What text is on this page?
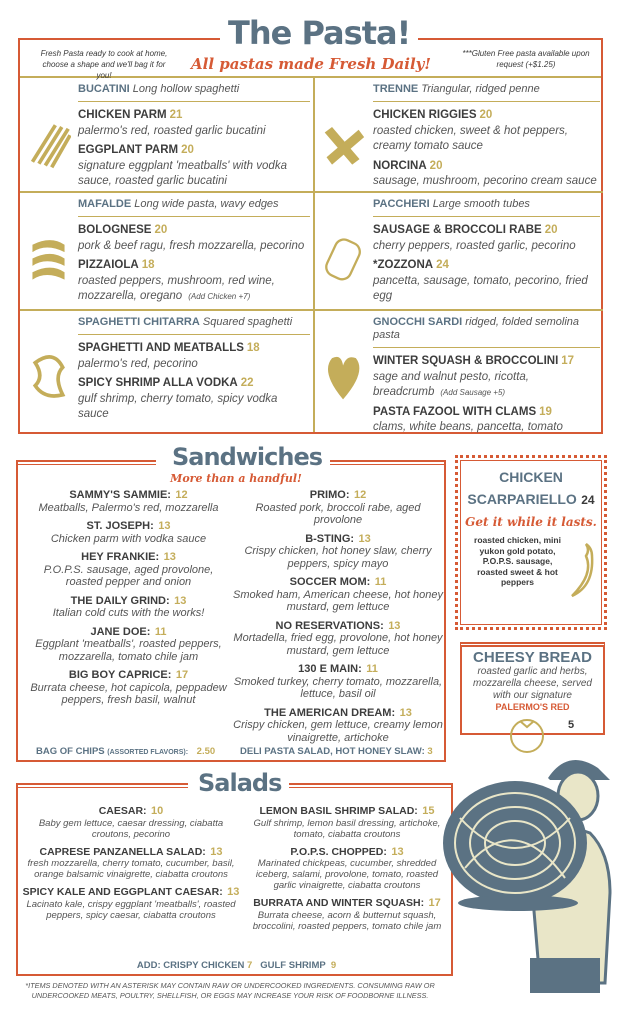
Fresh Pasta ready to cook at home, choose a shape and we'll bag it for you!
All pastas made Fresh Daily!
***Gluten Free pasta available upon request (+$1.25)
BUCATINI Long hollow spaghetti
CHICKEN PARM 21
palermo's red, roasted garlic bucatini
EGGPLANT PARM 20
signature eggplant 'meatballs' with vodka sauce, roasted garlic bucatini
TRENNE Triangular, ridged penne
CHICKEN RIGGIES 20
roasted chicken, sweet & hot peppers, creamy tomato sauce
NORCINA 20
sausage, mushroom, pecorino cream sauce
MAFALDE Long wide pasta, wavy edges
BOLOGNESE 20
pork & beef ragu, fresh mozzarella, pecorino
PIZZAIOLA 18
roasted peppers, mushroom, red wine, mozzarella, oregano (Add Chicken +7)
PACCHERI Large smooth tubes
SAUSAGE & BROCCOLI RABE 20
cherry peppers, roasted garlic, pecorino
*ZOZZONA 24
pancetta, sausage, tomato, pecorino, fried egg
SPAGHETTI CHITARRA Squared spaghetti
SPAGHETTI AND MEATBALLS 18
palermo's red, pecorino
SPICY SHRIMP ALLA VODKA 22
gulf shrimp, cherry tomato, spicy vodka sauce
GNOCCHI SARDI ridged, folded semolina pasta
WINTER SQUASH & BROCCOLINI 17
sage and walnut pesto, ricotta, breadcrumb (Add Sausage +5)
PASTA FAZOOL WITH CLAMS 19
clams, white beans, pancetta, tomato
The Pasta!
Sandwiches
More than a handful!
SAMMY'S SAMMIE: 12
Meatballs, Palermo's red, mozzarella
ST. JOSEPH: 13
Chicken parm with vodka sauce
HEY FRANKIE: 13
P.O.P.S. sausage, aged provolone, roasted pepper and onion
THE DAILY GRIND: 13
Italian cold cuts with the works!
JANE DOE: 11
Eggplant 'meatballs', roasted peppers, mozzarella, tomato chile jam
BIG BOY CAPRICE: 17
Burrata cheese, hot capicola, peppadew peppers, fresh basil, walnut
PRIMO: 12
Roasted pork, broccoli rabe, aged provolone
B-STING: 13
Crispy chicken, hot honey slaw, cherry peppers, spicy mayo
SOCCER MOM: 11
Smoked ham, American cheese, hot honey mustard, gem lettuce
NO RESERVATIONS: 13
Mortadella, fried egg, provolone, hot honey mustard, gem lettuce
130 E MAIN: 11
Smoked turkey, cherry tomato, mozzarella, lettuce, basil oil
THE AMERICAN DREAM: 13
Crispy chicken, gem lettuce, creamy lemon vinaigrette, artichoke
BAG OF CHIPS (ASSORTED FLAVORS): 2.50	DELI PASTA SALAD, HOT HONEY SLAW: 3
CHICKEN
SCARPARIELLO 24
Get it while it lasts.
roasted chicken, mini yukon gold potato, P.O.P.S. sausage, roasted sweet & hot peppers
CHEESY BREAD
roasted garlic and herbs, mozzarella cheese, served with our signature
PALERMO'S RED
5
Salads
CAESAR: 10
Baby gem lettuce, caesar dressing, ciabatta croutons, pecorino
CAPRESE PANZANELLA SALAD: 13
fresh mozzarella, cherry tomato, cucumber, basil, orange balsamic vinaigrette, ciabatta croutons
SPICY KALE AND EGGPLANT CAESAR: 13
Lacinato kale, crispy eggplant 'meatballs', roasted peppers, spicy caesar, ciabatta croutons
LEMON BASIL SHRIMP SALAD: 15
Gulf shrimp, lemon basil dressing, artichoke, tomato, ciabatta croutons
P.O.P.S. CHOPPED: 13
Marinated chickpeas, cucumber, shredded iceberg, salami, provolone, tomato, roasted garlic vinaigrette, ciabatta croutons
BURRATA AND WINTER SQUASH: 17
Burrata cheese, acorn & butternut squash, broccolini, roasted peppers, tomato chile jam
ADD: CRISPY CHICKEN 7 GULF SHRIMP 9
*ITEMS DENOTED WITH AN ASTERISK MAY CONTAIN RAW OR UNDERCOOKED INGREDIENTS. CONSUMING RAW OR UNDERCOOKED MEATS, POULTRY, SHELLFISH, OR EGGS MAY INCREASE YOUR RISK OF FOODBORNE ILLNESS.
